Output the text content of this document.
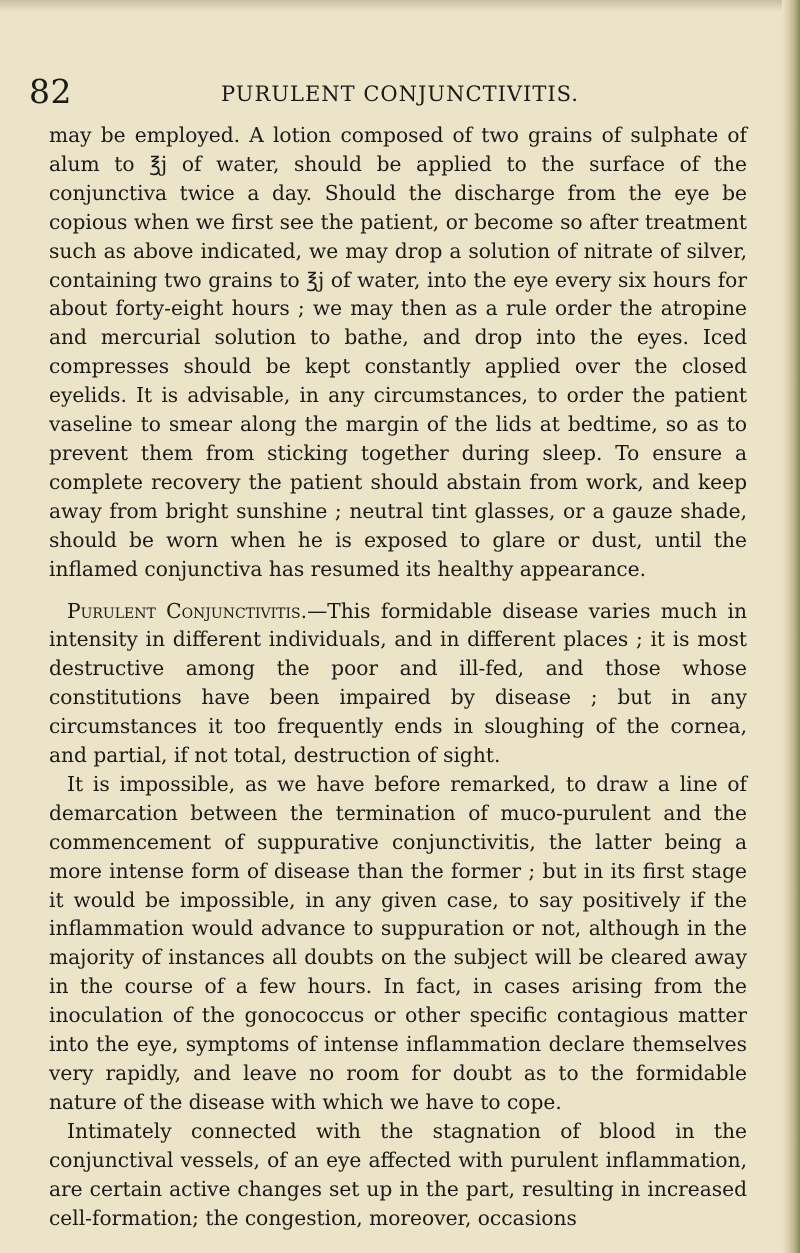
82	PURULENT CONJUNCTIVITIS.

may be employed. A lotion composed of two grains of sulphate of alum to ℥j of water, should be applied to the surface of the conjunctiva twice a day. Should the discharge from the eye be copious when we first see the patient, or become so after treatment such as above indicated, we may drop a solution of nitrate of silver, containing two grains to ℥j of water, into the eye every six hours for about forty-eight hours ; we may then as a rule order the atropine and mercurial solution to bathe, and drop into the eyes. Iced compresses should be kept constantly applied over the closed eyelids. It is advisable, in any circumstances, to order the patient vaseline to smear along the margin of the lids at bedtime, so as to prevent them from sticking together during sleep. To ensure a complete recovery the patient should abstain from work, and keep away from bright sunshine ; neutral tint glasses, or a gauze shade, should be worn when he is exposed to glare or dust, until the inflamed conjunctiva has resumed its healthy appearance.

Purulent Conjunctivitis.—This formidable disease varies much in intensity in different individuals, and in different places ; it is most destructive among the poor and ill-fed, and those whose constitutions have been impaired by disease ; but in any circumstances it too frequently ends in sloughing of the cornea, and partial, if not total, destruction of sight.

It is impossible, as we have before remarked, to draw a line of demarcation between the termination of muco-purulent and the commencement of suppurative conjunctivitis, the latter being a more intense form of disease than the former ; but in its first stage it would be impossible, in any given case, to say positively if the inflammation would advance to suppuration or not, although in the majority of instances all doubts on the subject will be cleared away in the course of a few hours. In fact, in cases arising from the inoculation of the gonococcus or other specific contagious matter into the eye, symptoms of intense inflammation declare themselves very rapidly, and leave no room for doubt as to the formidable nature of the disease with which we have to cope.

Intimately connected with the stagnation of blood in the conjunctival vessels, of an eye affected with purulent inflammation, are certain active changes set up in the part, resulting in increased cell-formation; the congestion, moreover, occasions
